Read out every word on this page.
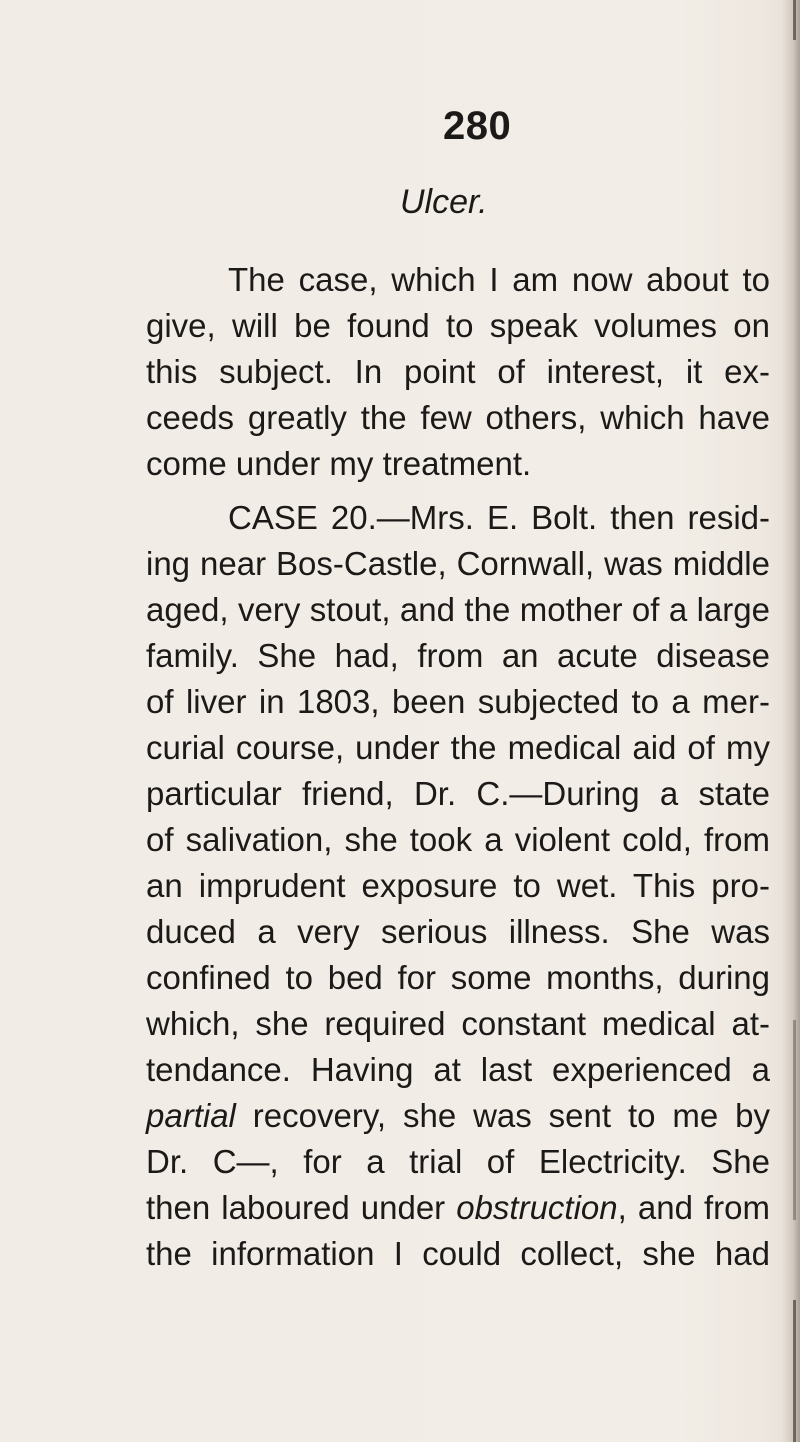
280
Ulcer.
The case, which I am now about to
give, will be found to speak volumes on
this subject. In point of interest, it ex-
ceeds greatly the few others, which have
come under my treatment.
CASE 20.—Mrs. E. Bolt. then resid-
ing near Bos-Castle, Cornwall, was middle
aged, very stout, and the mother of a large
family. She had, from an acute disease
of liver in 1803, been subjected to a mer-
curial course, under the medical aid of my
particular friend, Dr. C.—During a state
of salivation, she took a violent cold, from
an imprudent exposure to wet. This pro-
duced a very serious illness. She was
confined to bed for some months, during
which, she required constant medical at-
tendance. Having at last experienced a
partial recovery, she was sent to me by
Dr. C—, for a trial of Electricity. She
then laboured under obstruction, and from
the information I could collect, she had
